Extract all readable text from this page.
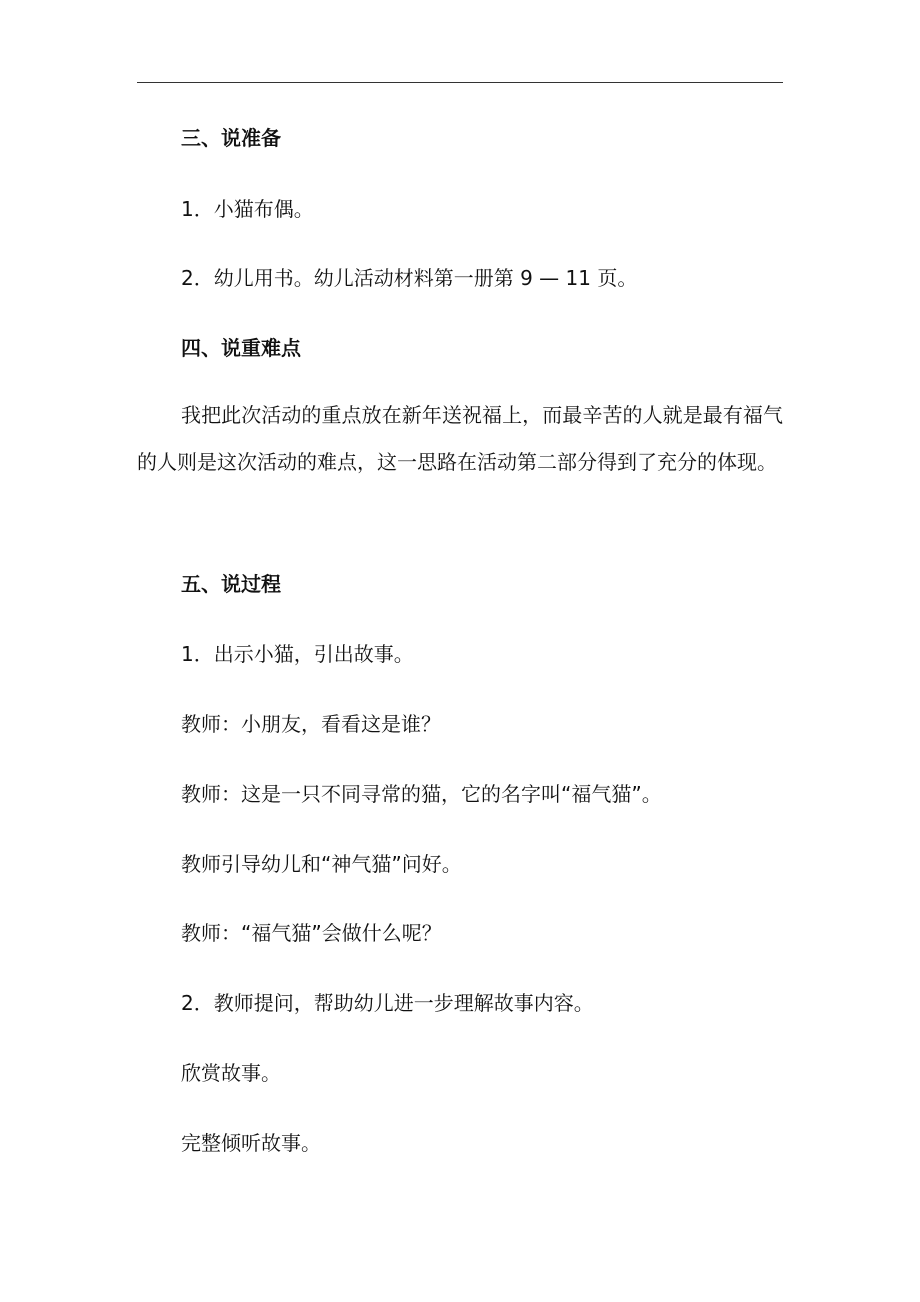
三、说准备
1．小猫布偶。
2．幼儿用书。幼儿活动材料第一册第 9 — 11 页。
四、说重难点
我把此次活动的重点放在新年送祝福上，而最辛苦的人就是最有福气的人则是这次活动的难点，这一思路在活动第二部分得到了充分的体现。
五、说过程
1．出示小猫，引出故事。
教师：小朋友，看看这是谁？
教师：这是一只不同寻常的猫，它的名字叫“福气猫”。
教师引导幼儿和“神气猫”问好。
教师：“福气猫”会做什么呢？
2．教师提问，帮助幼儿进一步理解故事内容。
欣赏故事。
完整倾听故事。
